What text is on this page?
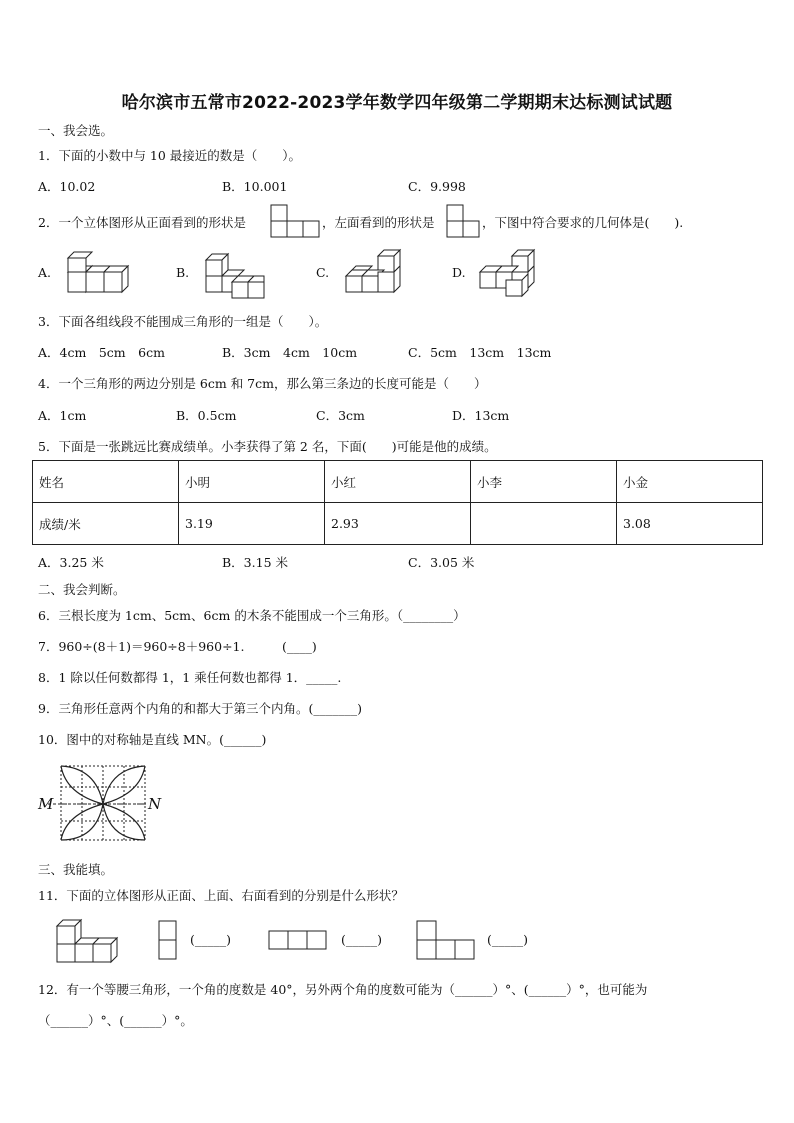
哈尔滨市五常市2022-2023学年数学四年级第二学期期末达标测试试题
一、我会选。
1．下面的小数中与 10 最接近的数是（　　）。
A．10.02	B．10.001	C．9.998
2．一个立体图形从正面看到的形状是	，左面看到的形状是	，下图中符合要求的几何体是(　　).
A.	B.	C.	D.
3．下面各组线段不能围成三角形的一组是（　　）。
A．4cm　5cm　6cm	B．3cm　4cm　10cm	C．5cm　13cm　13cm
4．一个三角形的两边分别是 6cm 和 7cm，那么第三条边的长度可能是（　　）
A．1cm	B．0.5cm	C．3cm	D．13cm
5．下面是一张跳远比赛成绩单。小李获得了第 2 名，下面(　　)可能是他的成绩。
姓名	小明	小红	小李	小金
成绩/米	3.19	2.93		3.08
A．3.25 米	B．3.15 米	C．3.05 米
二、我会判断。
6．三根长度为 1cm、5cm、6cm 的木条不能围成一个三角形。（________）
7．960÷(8＋1)＝960÷8＋960÷1.　　　(____)
8．1 除以任何数都得 1，1 乘任何数也都得 1．_____.
9．三角形任意两个内角的和都大于第三个内角。(_______)
10．图中的对称轴是直线 MN。(______)
M	N
三、我能填。
11．下面的立体图形从正面、上面、右面看到的分别是什么形状？
(_____)	(_____)	(_____)
12．有一个等腰三角形，一个角的度数是 40°，另外两个角的度数可能为（______）°、(______）°，也可能为
（______）°、(______）°。
